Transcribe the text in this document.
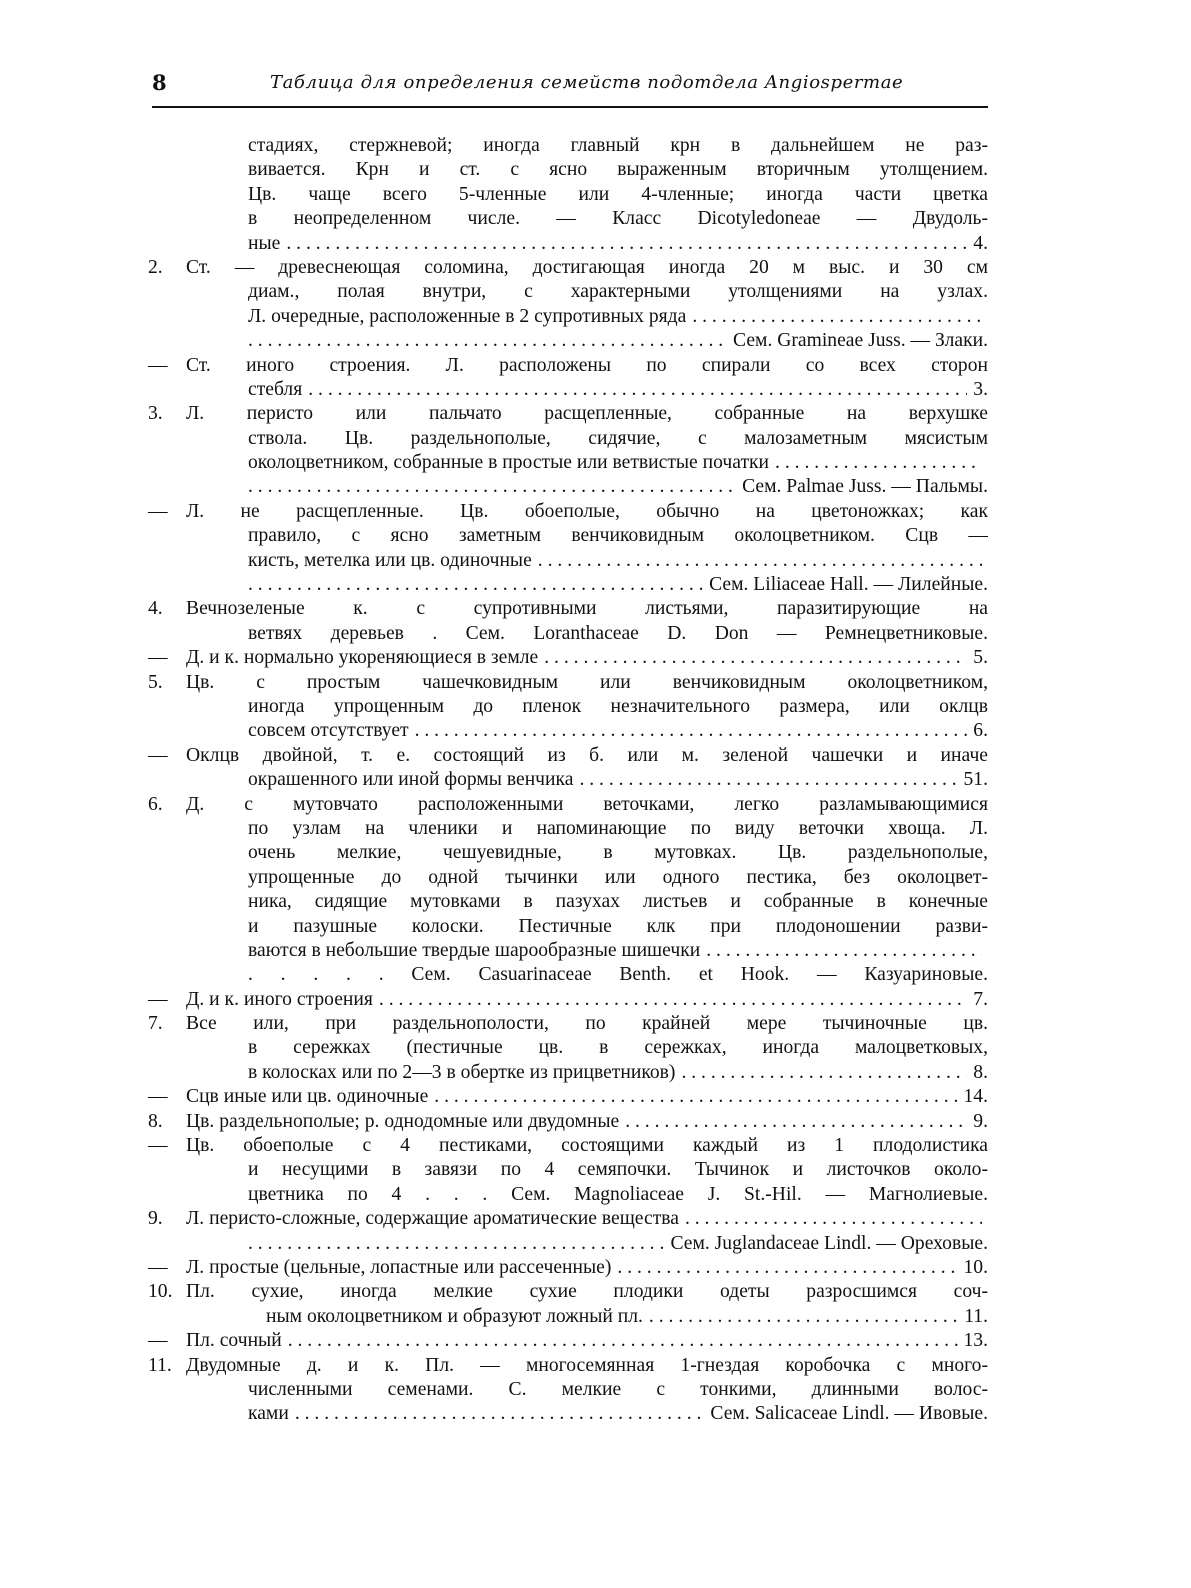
8	Таблица для определения семейств подотдела Angiospermae
стадиях, стержневой; иногда главный крн в дальнейшем не раз-
вивается. Крн и ст. с ясно выраженным вторичным утолщением.
Цв. чаще всего 5-членные или 4-членные; иногда части цветка
в неопределенном числе. — Класс Dicotyledoneae — Двудоль-
ные . . .	4.
2.	Ст. — древеснеющая соломина, достигающая иногда 20 м выс. и 30 см
диам., полая внутри, с характерными утолщениями на узлах.
Л. очередные, расположенные в 2 супротивных ряда
. . .
. . .
Сем. Gramineae Juss. — Злаки.
— Ст. иного строения. Л. расположены по спирали со всех сторон
стебля . . .	3.
3.	Л. перисто или пальчато расщепленные, собранные на верхушке
ствола. Цв. раздельнополые, сидячие, с малозаметным мясистым
околоцветником, собранные в простые или ветвистые початки
. . .
. . .
Сем. Palmae Juss. — Пальмы.
— Л. не расщепленные. Цв. обоеполые, обычно на цветоножках; как
правило, с ясно заметным венчиковидным околоцветником. Сцв —
кисть, метелка или цв. одиночные
. . .
. . .
Сем. Liliaceae Hall. — Лилейные.
4.	Вечнозеленые к. с супротивными листьями, паразитирующие на
ветвях деревьев . Сем. Loranthaceae D. Don — Ремнецветниковые.
— Д. и к. нормально укореняющиеся в земле . . .	5.
5.	Цв. с простым чашечковидным или венчиковидным околоцветником,
иногда упрощенным до пленок незначительного размера, или оклцв
совсем отсутствует . . .	6.
— Оклцв двойной, т. е. состоящий из б. или м. зеленой чашечки и иначе
окрашенного или иной формы венчика . . .	51.
6.	Д. с мутовчато расположенными веточками, легко разламывающимися
по узлам на членики и напоминающие по виду веточки хвоща. Л.
очень мелкие, чешуевидные, в мутовках. Цв. раздельнополые,
упрощенные до одной тычинки или одного пестика, без околоцвет-
ника, сидящие мутовками в пазухах листьев и собранные в конечные
и пазушные колоски. Пестичные клк при плодоношении разви-
ваются в небольшие твердые шарообразные шишечки
. . .
. . . . . Сем. Casuarinaceae Benth. et Hook. — Казуариновые.
— Д. и к. иного строения . . .	7.
7.	Все или, при раздельнополости, по крайней мере тычиночные цв.
в сережках (пестичные цв. в сережках, иногда малоцветковых,
в колосках или по 2—3 в обертке из прицветников) . . .	8.
— Сцв иные или цв. одиночные . . .	14.
8.	Цв. раздельнополые; р. однодомные или двудомные . . .	9.
— Цв. обоеполые с 4 пестиками, состоящими каждый из 1 плодолистика
и несущими в завязи по 4 семяпочки. Тычинок и листочков около-
цветника по 4 . . . Сем. Magnoliaceae J. St.-Hil. — Магнолиевые.
9.	Л. перисто-сложные, содержащие ароматические вещества
. . .
. . .
Сем. Juglandaceae Lindl. — Ореховые.
— Л. простые (цельные, лопастные или рассеченные) . . .	10.
10. Пл. сухие, иногда мелкие сухие плодики одеты разросшимся соч-
ным околоцветником и образуют ложный пл. . . .	11.
— Пл. сочный . . .	13.
11. Двудомные д. и к. Пл. — многосемянная 1-гнездая коробочка с много-
численными семенами. С. мелкие с тонкими, длинными волос-
ками . . .	Сем. Salicaceae Lindl. — Ивовые.
